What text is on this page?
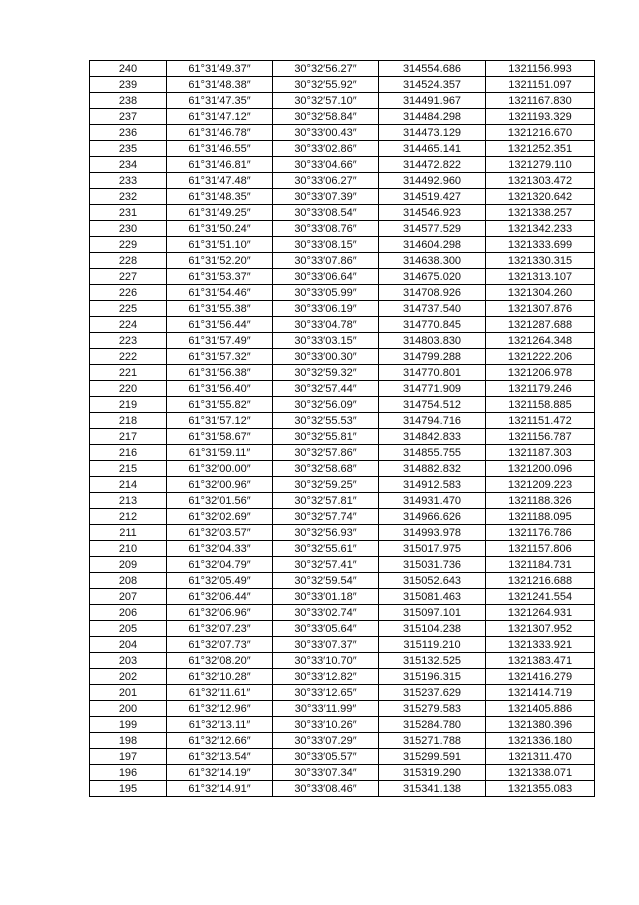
240	61°31′49.37″	30°32′56.27″	314554.686	1321156.993
239	61°31′48.38″	30°32′55.92″	314524.357	1321151.097
238	61°31′47.35″	30°32′57.10″	314491.967	1321167.830
237	61°31′47.12″	30°32′58.84″	314484.298	1321193.329
236	61°31′46.78″	30°33′00.43″	314473.129	1321216.670
235	61°31′46.55″	30°33′02.86″	314465.141	1321252.351
234	61°31′46.81″	30°33′04.66″	314472.822	1321279.110
233	61°31′47.48″	30°33′06.27″	314492.960	1321303.472
232	61°31′48.35″	30°33′07.39″	314519.427	1321320.642
231	61°31′49.25″	30°33′08.54″	314546.923	1321338.257
230	61°31′50.24″	30°33′08.76″	314577.529	1321342.233
229	61°31′51.10″	30°33′08.15″	314604.298	1321333.699
228	61°31′52.20″	30°33′07.86″	314638.300	1321330.315
227	61°31′53.37″	30°33′06.64″	314675.020	1321313.107
226	61°31′54.46″	30°33′05.99″	314708.926	1321304.260
225	61°31′55.38″	30°33′06.19″	314737.540	1321307.876
224	61°31′56.44″	30°33′04.78″	314770.845	1321287.688
223	61°31′57.49″	30°33′03.15″	314803.830	1321264.348
222	61°31′57.32″	30°33′00.30″	314799.288	1321222.206
221	61°31′56.38″	30°32′59.32″	314770.801	1321206.978
220	61°31′56.40″	30°32′57.44″	314771.909	1321179.246
219	61°31′55.82″	30°32′56.09″	314754.512	1321158.885
218	61°31′57.12″	30°32′55.53″	314794.716	1321151.472
217	61°31′58.67″	30°32′55.81″	314842.833	1321156.787
216	61°31′59.11″	30°32′57.86″	314855.755	1321187.303
215	61°32′00.00″	30°32′58.68″	314882.832	1321200.096
214	61°32′00.96″	30°32′59.25″	314912.583	1321209.223
213	61°32′01.56″	30°32′57.81″	314931.470	1321188.326
212	61°32′02.69″	30°32′57.74″	314966.626	1321188.095
211	61°32′03.57″	30°32′56.93″	314993.978	1321176.786
210	61°32′04.33″	30°32′55.61″	315017.975	1321157.806
209	61°32′04.79″	30°32′57.41″	315031.736	1321184.731
208	61°32′05.49″	30°32′59.54″	315052.643	1321216.688
207	61°32′06.44″	30°33′01.18″	315081.463	1321241.554
206	61°32′06.96″	30°33′02.74″	315097.101	1321264.931
205	61°32′07.23″	30°33′05.64″	315104.238	1321307.952
204	61°32′07.73″	30°33′07.37″	315119.210	1321333.921
203	61°32′08.20″	30°33′10.70″	315132.525	1321383.471
202	61°32′10.28″	30°33′12.82″	315196.315	1321416.279
201	61°32′11.61″	30°33′12.65″	315237.629	1321414.719
200	61°32′12.96″	30°33′11.99″	315279.583	1321405.886
199	61°32′13.11″	30°33′10.26″	315284.780	1321380.396
198	61°32′12.66″	30°33′07.29″	315271.788	1321336.180
197	61°32′13.54″	30°33′05.57″	315299.591	1321311.470
196	61°32′14.19″	30°33′07.34″	315319.290	1321338.071
195	61°32′14.91″	30°33′08.46″	315341.138	1321355.083
